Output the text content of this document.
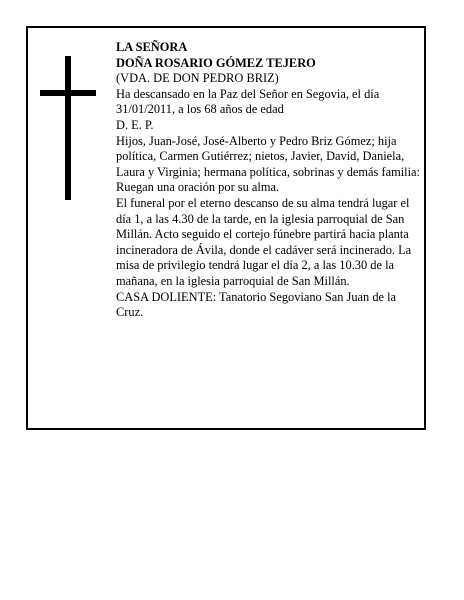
LA SEÑORA

DOÑA ROSARIO GÓMEZ TEJERO

(VDA. DE DON PEDRO BRIZ)

Ha descansado en la Paz del Señor en Segovia, el día 31/01/2011, a los 68 años de edad

D. E. P.

Hijos, Juan-José, José-Alberto y Pedro Briz Gómez; hija política, Carmen Gutiérrez; nietos, Javier, David, Daniela, Laura y Virginia; hermana política, sobrinas y demás familia:

Ruegan una oración por su alma.

El funeral por el eterno descanso de su alma tendrá lugar el día 1, a las 4.30 de la tarde, en la iglesia parroquial de San Millán. Acto seguido el cortejo fúnebre partirá hacia planta incineradora de Ávila, donde el cadáver será incinerado. La misa de privilegio tendrá lugar el día 2, a las 10.30 de la mañana, en la iglesia parroquial de San Millán.

CASA DOLIENTE: Tanatorio Segoviano San Juan de la Cruz.
